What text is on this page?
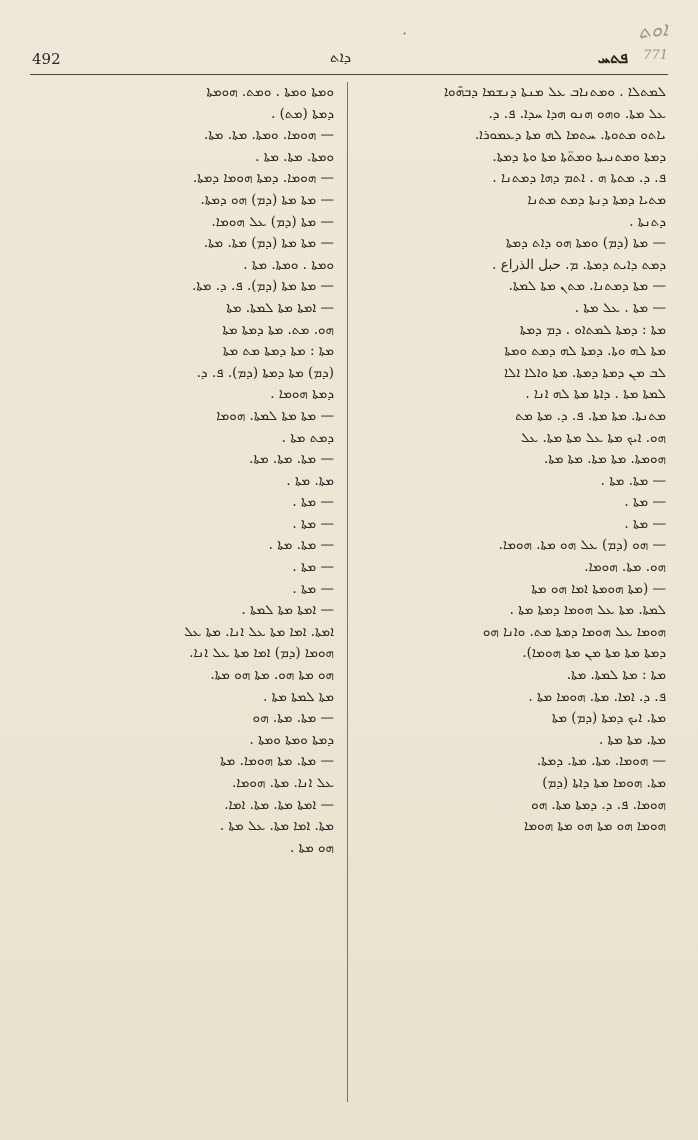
492	ܕܐܬ	ܦܬܚ
ܐܘܬ
771
ܠܡܬܠܐ . ܘܡܬܢܐܒ ܥܠ ܡܢܬܐ ܕܢܫܡܐ ܕܒܗ̄ܘܐ
ܥܠ ܡܬܐ. ܘܗܘ ܗܢܘ ܗܕܐ ܚܕܐ. ܦ. ܕ.
ܝܐܬܘ ܡܬܘܬܐ. ܚܬܡܐ ܠܗ ܡܬܐ ܕܥܡܘܪܐ.
ܕܡܬܐ ܘܡܬܢܝܬܐ ܘܡܬ̈ܬܐ ܡܬܐ ܘܬܐ ܕܡܬܐ.
ܦ. ܕ. ܡܬܬܐ ܗ . ܐܬܡ ܕܗܐ ܕܡܬܢܐ .
ܡܬܝܐ ܕܡܬܐ ܕܢܬܐ ܕܡܬ ܡܬܢܐ
ܕܬܢܬܐ .
— ܡܬܐ (ܕܡ) ܘܡܬܐ ܗܘ ܕܐܬ ܕܡܬܐ
ܕܡܬ ܕܐܝܬ ܕܡܬܐ. ܡ. حبل الذراع .
— ܡܬܐ ܕܡܬܢܐ. ܡܬܢ ܡܬܐ ܠܡܬܐ.
— ܡܬܐ . ܥܠ ܡܬܐ .
ܡܬܐ : ܕܡܬܐ ܠܡܬܐܘ . ܕܡ ܕܡܬܐ
ܡܬܐ ܠܗ ܘܬܐ. ܕܡܬܐ ܠܗ ܕܡܬ ܘܡܬܐ
ܠܒ ܡܢ ܕܡܬܐ ܕܡܬܐ. ܡܬܐ ܘܐܠܐ ܐܠܐ
ܠܡܬܐ ܡܬܐ . ܕܐܬܐ ܡܬܐ ܠܗ ܐܢܐ .
ܡܬܢܬܐ. ܡܬܐ ܡܬܐ. ܦ. ܕ. ܡܬܐ ܡܬ
ܗܘ. ܐܝܟ ܡܬܐ ܥܠ ܡܬܐ ܡܬܐ. ܥܠ
ܗܘܡܬܐ. ܡܬܐ ܡܬܐ. ܡܬܐ ܡܬܐ.
— ܡܬܐ. ܡܬܐ .
— ܡܬܐ .
— ܡܬܐ .
— ܗܘ (ܕܡ) ܥܠ ܗܘ ܡܬܐ. ܗܘܡܐ.
ܗܘ. ܡܬܐ. ܗܘܡܐ.
— (ܡܬܐ ܗܘܡܬܐ ܐܡܐ ܗܘ ܡܬܐ
ܠܡܬܐ. ܡܬܐ ܥܠ ܗܘܡܐ ܕܡܬܐ ܡܬܐ .
ܗܘܡܐ ܥܠ ܗܘܡܐ ܕܡܬܐ ܡܬ. ܘܐܢܐ ܗܘ
ܕܡܬܐ ܡܬܐ ܡܬܐ ܡܢ ܡܬܐ ܗܘܡܐ).
ܡܬܐ : ܡܬܐ ܠܡܬܐ. ܡܬܐ.
ܦ. ܕ. ܐܡܐ. ܡܬܐ. ܗܘܡܐ ܡܬܐ .
ܡܬܐ. ܐܝܟ ܕܡܬܐ (ܕܡ) ܡܬܐ
ܡܬܐ. ܡܬܐ ܡܬܐ .
— ܗܘܡܐ. ܡܬܐ. ܡܬܐ. ܕܡܬܐ.
ܡܬܐ. ܗܘܡܐ ܡܬܐ ܕܐܬܐ (ܕܡ)
ܗܘܡܐ. ܦ. ܕ. ܕܡܬܐ ܡܬܐ. ܗܘ
ܗܘܡܐ ܗܘ ܡܬܐ ܗܘ ܡܬܐ ܗܘܡܐ
ܘܡܬܐ ܘܡܬܐ . ܘܡܬ. ܗܘܡܬܐ
ܕܡܬܐ (ܡܬ) .
— ܗܘܡܐ. ܘܡܬܐ. ܡܬܐ. ܡܬܐ.
ܘܡܬܐ. ܡܬܐ. ܡܬܐ .
— ܗܘܡܐ. ܕܡܬܐ ܗܘܡܐ ܕܡܬܐ.
— ܡܬܐ ܡܬܐ (ܕܡ) ܗܘ ܕܡܬܐ.
— ܡܬܐ (ܕܡ) ܥܠ ܗܘܡܐ.
— ܡܬܐ ܡܬܐ (ܕܡ) ܡܬܐ. ܡܬܐ.
ܘܡܬܐ . ܘܡܬܐ. ܡܬܐ .
— ܡܬܐ ܡܬܐ (ܕܡ). ܦ. ܕ. ܡܬܐ.
— ܐܡܬܐ ܡܬܐ ܠܡܬܐ. ܡܬܐ
ܗܘ. ܡܬ. ܡܬܐ ܕܡܬܐ ܡܬܐ
ܡܬܐ : ܡܬܐ ܕܡܬܐ ܡܬ ܡܬܐ
(ܕܡ) ܡܬܐ ܕܡܬܐ (ܕܡ). ܦ. ܕ.
ܕܡܬܐ ܗܘܡܐ .
— ܡܬܐ ܡܬܐ ܠܡܬܐ. ܗܘܡܐ
ܕܡܬ ܡܬܐ .
— ܡܬܐ. ܡܬܐ. ܡܬܐ.
ܡܬܐ. ܡܬܐ .
— ܡܬܐ .
— ܡܬܐ .
— ܡܬܐ. ܡܬܐ .
— ܡܬܐ .
— ܡܬܐ .
— ܐܡܬܐ ܡܬܐ ܠܡܬܐ .
ܐܡܬܐ. ܐܡܐ ܡܬܐ ܥܠ ܐܢܐ. ܡܬܐ ܥܠ
ܗܘܡܐ (ܕܡ) ܐܡܐ ܡܬܐ ܥܠ ܐܢܐ.
ܗܘ ܡܬܐ ܗܘ. ܡܬܐ ܗܘ ܡܬܐ.
ܡܬܐ ܠܡܬܐ ܡܬܐ .
— ܡܬܐ. ܡܬܐ. ܗܘ
ܕܡܬܐ ܘܡܬܐ ܘܡܬܐ .
— ܡܬܐ. ܡܬܐ ܗܘܡܐ. ܡܬܐ
ܥܠ ܐܢܐ. ܡܬܐ. ܗܘܡܐ.
— ܐܡܬܐ ܡܬܐ. ܡܬܐ. ܐܡܐ.
ܡܬܐ. ܐܡܐ ܡܬܐ. ܥܠ ܡܬܐ .
ܗܘ ܡܬܐ .
·
